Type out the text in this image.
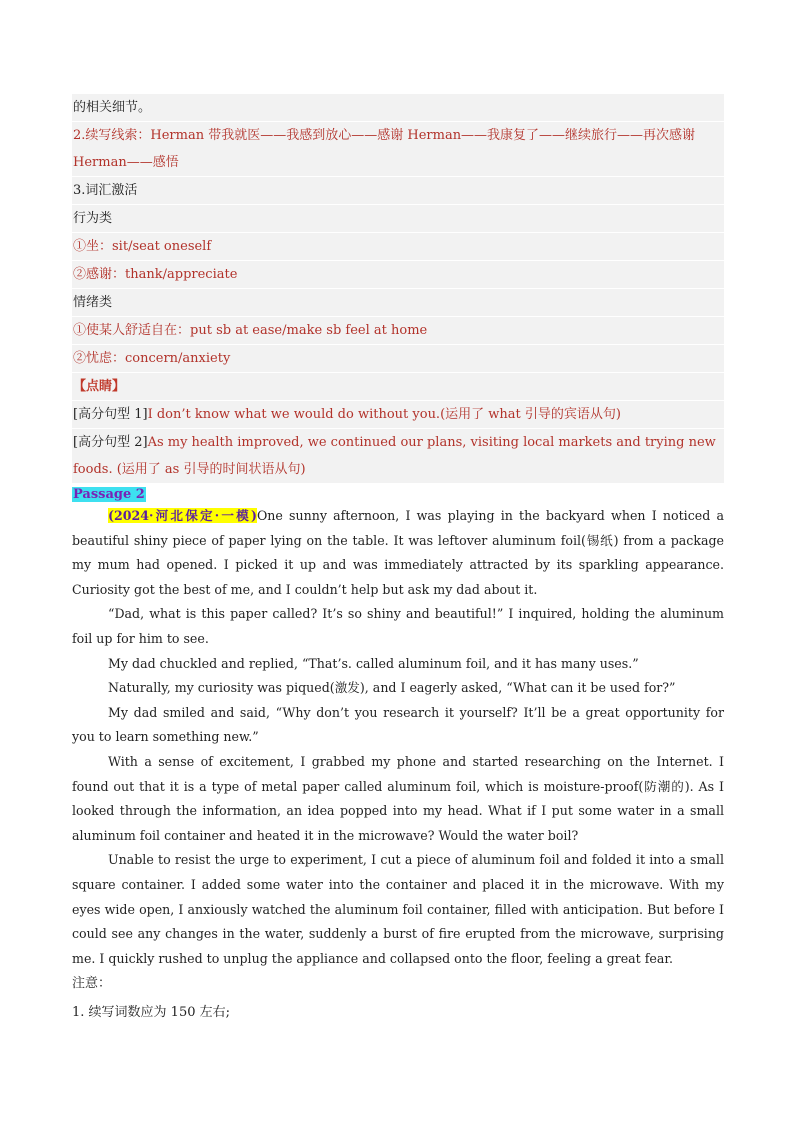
的相关细节。
2.续写线索：Herman 带我就医——我感到放心——感谢 Herman——我康复了——继续旅行——再次感谢 Herman——感悟
3.词汇激活
行为类
①坐：sit/seat oneself
②感谢：thank/appreciate
情绪类
①使某人舒适自在：put sb at ease/make sb feel at home
②忧虑：concern/anxiety
【点睛】
[高分句型 1]I don’t know what we would do without you.(运用了 what 引导的宾语从句)
[高分句型 2]As my health improved, we continued our plans, visiting local markets and trying new foods. (运用了 as 引导的时间状语从句)
Passage 2
(2024·河北保定·一模)One sunny afternoon, I was playing in the backyard when I noticed a beautiful shiny piece of paper lying on the table. It was leftover aluminum foil(锡纸) from a package my mum had opened. I picked it up and was immediately attracted by its sparkling appearance. Curiosity got the best of me, and I couldn’t help but ask my dad about it.
“Dad, what is this paper called? It’s so shiny and beautiful!” I inquired, holding the aluminum foil up for him to see.
My dad chuckled and replied, “That’s. called aluminum foil, and it has many uses.”
Naturally, my curiosity was piqued(激发), and I eagerly asked, “What can it be used for?”
My dad smiled and said, “Why don’t you research it yourself? It’ll be a great opportunity for you to learn something new.”
With a sense of excitement, I grabbed my phone and started researching on the Internet. I found out that it is a type of metal paper called aluminum foil, which is moisture-proof(防潮的). As I looked through the information, an idea popped into my head. What if I put some water in a small aluminum foil container and heated it in the microwave? Would the water boil?
Unable to resist the urge to experiment, I cut a piece of aluminum foil and folded it into a small square container. I added some water into the container and placed it in the microwave. With my eyes wide open, I anxiously watched the aluminum foil container, filled with anticipation. But before I could see any changes in the water, suddenly a burst of fire erupted from the microwave, surprising me. I quickly rushed to unplug the appliance and collapsed onto the floor, feeling a great fear.
注意：
1. 续写词数应为 150 左右;
